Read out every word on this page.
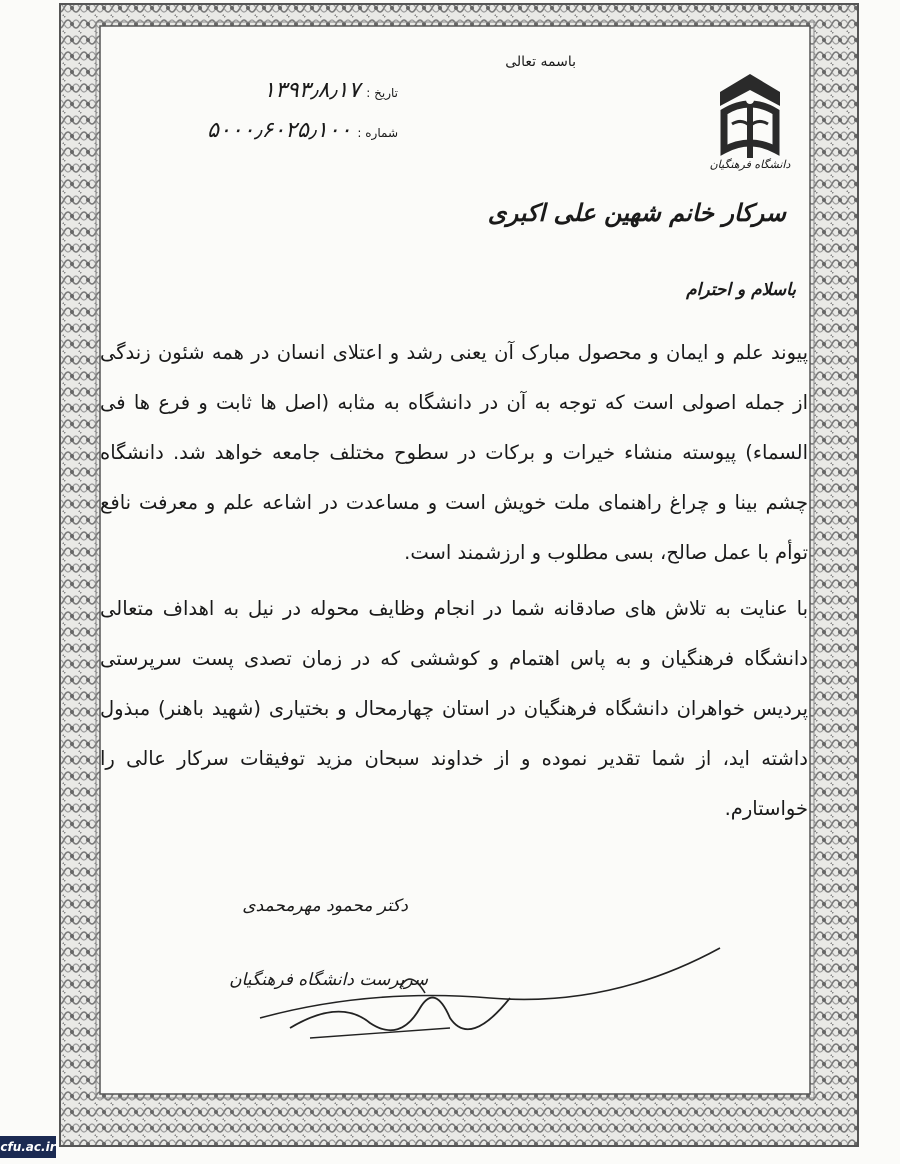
باسمه تعالی
تاریخ :
۱۳۹۳٫۸٫۱۷
شماره :
۵۰۰۰٫۶۰۲۵٫۱۰۰
دانشگاه فرهنگیان
سرکار خانم شهین علی اکبری
باسلام و احترام
پیوند علم و ایمان و محصول مبارک آن یعنی رشد و اعتلای انسان در همه شئون زندگی از جمله اصولی است که توجه به آن در دانشگاه به مثابه (اصل ها ثابت و فرع ها فی السماء) پیوسته منشاء خیرات و برکات در سطوح مختلف جامعه خواهد شد. دانشگاه چشم بینا و چراغ راهنمای ملت خویش است و مساعدت در اشاعه علم و معرفت نافع توأم با عمل صالح، بسی مطلوب و ارزشمند است.
با عنایت به تلاش های صادقانه شما در انجام وظایف محوله در نیل به اهداف متعالی دانشگاه فرهنگیان و به پاس اهتمام و کوششی که در زمان تصدی پست سرپرستی پردیس خواهران دانشگاه فرهنگیان در استان چهارمحال و بختیاری (شهید باهنر) مبذول داشته اید، از شما تقدیر نموده و از خداوند سبحان مزید توفیقات سرکار عالی را خواستارم.
دکتر محمود مهرمحمدی
سرپرست دانشگاه فرهنگیان
cfu.ac.ir
